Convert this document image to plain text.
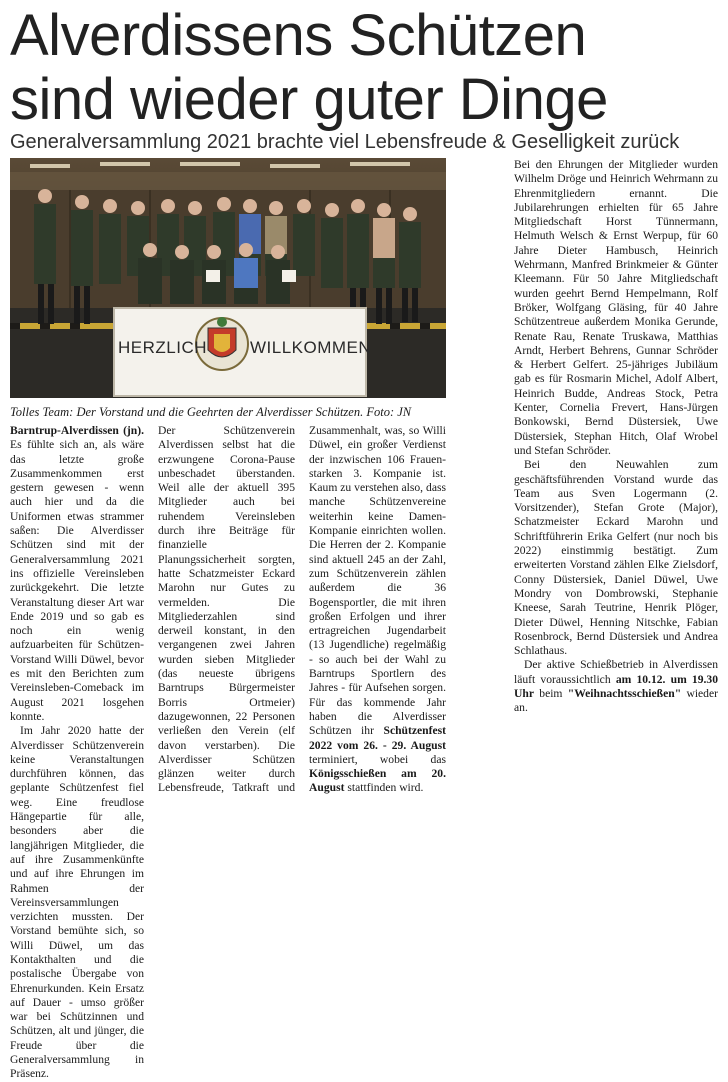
Alverdissens Schützen
sind wieder guter Dinge
Generalversammlung 2021 brachte viel Lebensfreude & Geselligkeit zurück
HERZLICH	WILLKOMMEN
Tolles Team: Der Vorstand und die Geehrten der Alverdisser Schützen. Foto: JN

Barntrup-Alverdissen (jn). Es fühlte sich an, als wäre das letzte große Zusammenkommen erst gestern gewesen - wenn auch hier und da die Uniformen etwas strammer saßen: Die Alverdisser Schützen sind mit der Generalversammlung 2021 ins offizielle Vereinsleben zurückgekehrt. Die letzte Veranstaltung dieser Art war Ende 2019 und so gab es noch ein wenig aufzuarbeiten für Schützen-Vorstand Willi Düwel, bevor es mit den Berichten zum Vereinsleben-Comeback im August 2021 losgehen konnte.

Im Jahr 2020 hatte der Alverdisser Schützenverein keine Veranstaltungen durchführen können, das geplante Schützenfest fiel weg. Eine freudlose Hängepartie für alle, besonders aber die langjährigen Mitglieder, die auf ihre Zusammenkünfte und auf ihre Ehrungen im Rahmen der Vereinsversammlungen verzichten mussten. Der Vorstand bemühte sich, so Willi Düwel, um das Kontakthalten und die postalische Übergabe von Ehrenurkunden. Kein Ersatz auf Dauer - umso größer war bei Schützinnen und Schützen, alt und jünger, die Freude über die Generalversammlung in Präsenz.

Der Schützenverein Alverdissen selbst hat die erzwungene Corona-Pause unbeschadet überstanden. Weil alle der aktuell 395 Mitglieder auch bei ruhendem Vereinsleben durch ihre Beiträge für finanzielle Planungssicherheit sorgten, hatte Schatzmeister Eckard Marohn nur Gutes zu vermelden. Die Mitgliederzahlen sind derweil konstant, in den vergangenen zwei Jahren wurden sieben Mitglieder (das neueste übrigens Barntrups Bürgermeister Borris Ortmeier) dazugewonnen, 22 Personen verließen den Verein (elf davon verstarben). Die Alverdisser Schützen glänzen weiter durch Lebensfreude, Tatkraft und Zusammenhalt, was, so Willi Düwel, ein großer Verdienst der inzwischen 106 Frauen-starken 3. Kompanie ist. Kaum zu verstehen also, dass manche Schützenvereine weiterhin keine Damen-Kompanie einrichten wollen. Die Herren der 2. Kompanie sind aktuell 245 an der Zahl, zum Schützenverein zählen außerdem die 36 Bogensportler, die mit ihren großen Erfolgen und ihrer ertragreichen Jugendarbeit (13 Jugendliche) regelmäßig - so auch bei der Wahl zu Barntrups Sportlern des Jahres - für Aufsehen sorgen. Für das kommende Jahr haben die Alverdisser Schützen ihr Schützenfest 2022 vom 26. - 29. August terminiert, wobei das Königsschießen am 20. August stattfinden wird.

Bei den Ehrungen der Mitglieder wurden Wilhelm Dröge und Heinrich Wehrmann zu Ehrenmitgliedern ernannt. Die Jubilarehrungen erhielten für 65 Jahre Mitgliedschaft Horst Tünnermann, Helmuth Welsch & Ernst Werpup, für 60 Jahre Dieter Hambusch, Heinrich Wehrmann, Manfred Brinkmeier & Günter Kleemann. Für 50 Jahre Mitgliedschaft wurden geehrt Bernd Hempelmann, Rolf Bröker, Wolfgang Gläsing, für 40 Jahre Schützentreue außerdem Monika Gerunde, Renate Rau, Renate Truskawa, Matthias Arndt, Herbert Behrens, Gunnar Schröder & Herbert Gelfert. 25-jähriges Jubiläum gab es für Rosmarin Michel, Adolf Albert, Heinrich Budde, Andreas Stock, Petra Kenter, Cornelia Frevert, Hans-Jürgen Bonkowski, Bernd Düstersiek, Uwe Düstersiek, Stephan Hitch, Olaf Wrobel und Stefan Schröder.

Bei den Neuwahlen zum geschäftsführenden Vorstand wurde das Team aus Sven Logermann (2. Vorsitzender), Stefan Grote (Major), Schatzmeister Eckard Marohn und Schriftführerin Erika Gelfert (nur noch bis 2022) einstimmig bestätigt. Zum erweiterten Vorstand zählen Elke Zielsdorf, Conny Düstersiek, Daniel Düwel, Uwe Mondry von Dombrowski, Stephanie Kneese, Sarah Teutrine, Henrik Plöger, Dieter Düwel, Henning Nitschke, Fabian Rosenbrock, Bernd Düstersiek und Andrea Schlathaus.

Der aktive Schießbetrieb in Alverdissen läuft voraussichtlich am 10.12. um 19.30 Uhr beim "Weihnachtsschießen" wieder an.
